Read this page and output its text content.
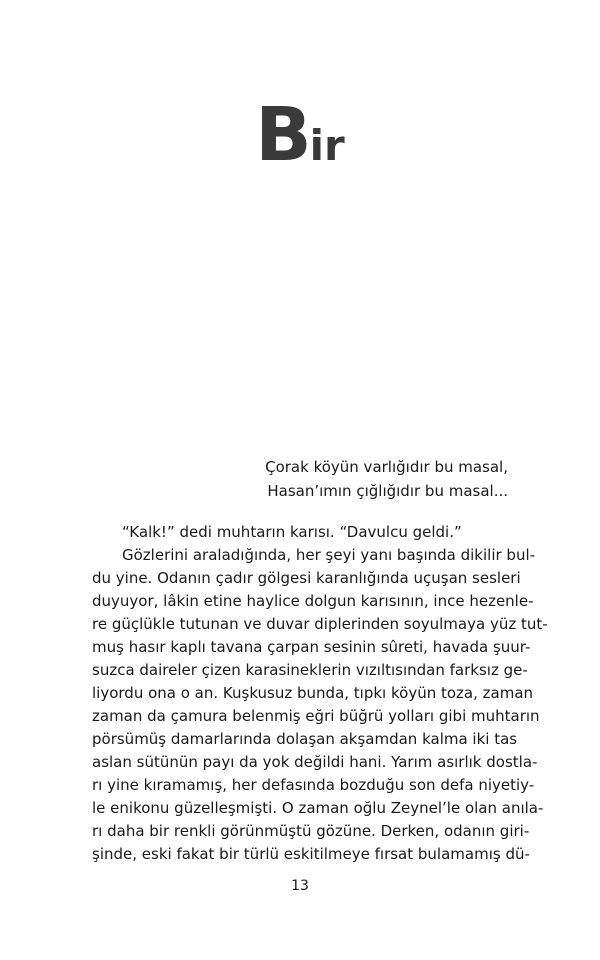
Bir
Çorak köyün varlığıdır bu masal,
Hasan’ımın çığlığıdır bu masal...
“Kalk!” dedi muhtarın karısı. “Davulcu geldi.”
Gözlerini araladığında, her şeyi yanı başında dikilir bul-
du yine. Odanın çadır gölgesi karanlığında uçuşan sesleri
duyuyor, lâkin etine haylice dolgun karısının, ince hezenle-
re güçlükle tutunan ve duvar diplerinden soyulmaya yüz tut-
muş hasır kaplı tavana çarpan sesinin sûreti, havada şuur-
suzca daireler çizen karasineklerin vızıltısından farksız ge-
liyordu ona o an. Kuşkusuz bunda, tıpkı köyün toza, zaman
zaman da çamura belenmiş eğri büğrü yolları gibi muhtarın
pörsümüş damarlarında dolaşan akşamdan kalma iki tas
aslan sütünün payı da yok değildi hani. Yarım asırlık dostla-
rı yine kıramamış, her defasında bozduğu son defa niyetiy-
le enikonu güzelleşmişti. O zaman oğlu Zeynel’le olan anıla-
rı daha bir renkli görünmüştü gözüne. Derken, odanın giri-
şinde, eski fakat bir türlü eskitilmeye fırsat bulamamış dü-
13
